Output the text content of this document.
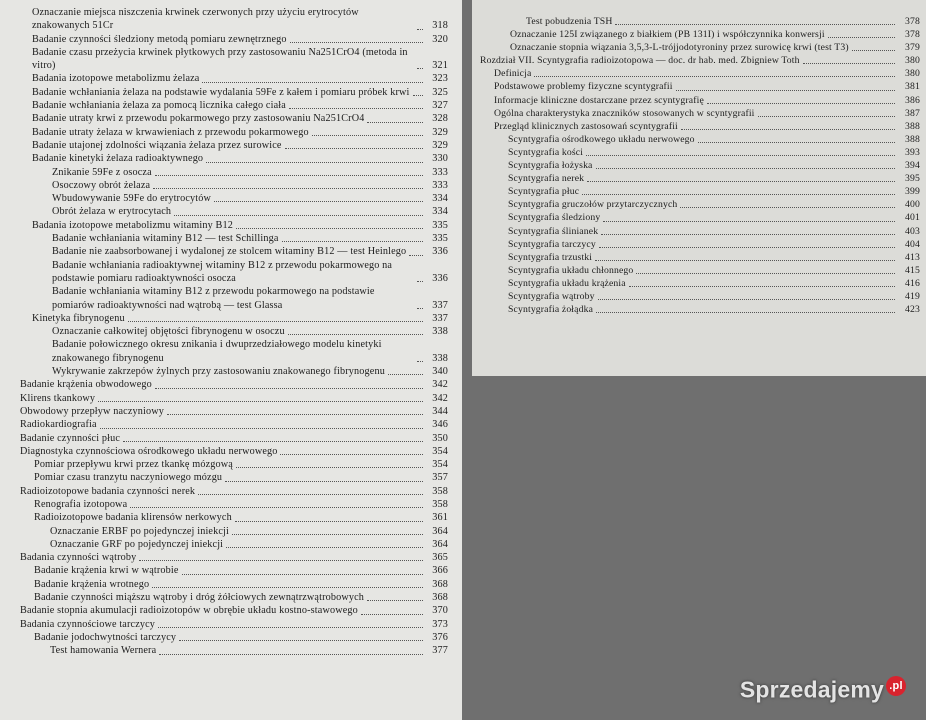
Oznaczanie miejsca niszczenia krwinek czerwonych przy użyciu erytrocytów znakowanych 51Cr	318
Badanie czynności śledziony metodą pomiaru zewnętrznego	320
Badanie czasu przeżycia krwinek płytkowych przy zastosowaniu Na251CrO4 (metoda in vitro)	321
Badania izotopowe metabolizmu żelaza	323
Badanie wchłaniania żelaza na podstawie wydalania 59Fe z kałem i pomiaru próbek krwi	325
Badanie wchłaniania żelaza za pomocą licznika całego ciała	327
Badanie utraty krwi z przewodu pokarmowego przy zastosowaniu Na251CrO4	328
Badanie utraty żelaza w krwawieniach z przewodu pokarmowego	329
Badanie utajonej zdolności wiązania żelaza przez surowice	329
Badanie kinetyki żelaza radioaktywnego	330
Znikanie 59Fe z osocza	333
Osoczowy obrót żelaza	333
Wbudowywanie 59Fe do erytrocytów	334
Obrót żelaza w erytrocytach	334
Badania izotopowe metabolizmu witaminy B12	335
Badanie wchłaniania witaminy B12 — test Schillinga	335
Badanie nie zaabsorbowanej i wydalonej ze stolcem witaminy B12 — test Heinlego	336
Badanie wchłaniania radioaktywnej witaminy B12 z przewodu pokarmowego na podstawie pomiaru radioaktywności osocza	336
Badanie wchłaniania witaminy B12 z przewodu pokarmowego na podstawie pomiarów radioaktywności nad wątrobą — test Glassa	337
Kinetyka fibrynogenu	337
Oznaczanie całkowitej objętości fibrynogenu w osoczu	338
Badanie połowicznego okresu znikania i dwuprzedziałowego modelu kinetyki znakowanego fibrynogenu	338
Wykrywanie zakrzepów żylnych przy zastosowaniu znakowanego fibrynogenu	340
Badanie krążenia obwodowego	342
Klirens tkankowy	342
Obwodowy przepływ naczyniowy	344
Radiokardiografia	346
Badanie czynności płuc	350
Diagnostyka czynnościowa ośrodkowego układu nerwowego	354
Pomiar przepływu krwi przez tkankę mózgową	354
Pomiar czasu tranzytu naczyniowego mózgu	357
Radioizotopowe badania czynności nerek	358
Renografia izotopowa	358
Radioizotopowe badania klirensów nerkowych	361
Oznaczanie ERBF po pojedynczej iniekcji	364
Oznaczanie GRF po pojedynczej iniekcji	364
Badania czynności wątroby	365
Badanie krążenia krwi w wątrobie	366
Badanie krążenia wrotnego	368
Badanie czynności miąższu wątroby i dróg żółciowych zewnątrzwątrobowych	368
Badanie stopnia akumulacji radioizotopów w obrębie układu kostno-stawowego	370
Badania czynnościowe tarczycy	373
Badanie jodochwytności tarczycy	376
Test hamowania Wernera	377
Test pobudzenia TSH	378
Oznaczanie 125I związanego z białkiem (PB 131I) i współczynnika konwersji	378
Oznaczanie stopnia wiązania 3,5,3-L-trójjodotyroniny przez surowicę krwi (test T3)	379
Rozdział VII. Scyntygrafia radioizotopowa — doc. dr hab. med. Zbigniew Toth	380
Definicja	380
Podstawowe problemy fizyczne scyntygrafii	381
Informacje kliniczne dostarczane przez scyntygrafię	386
Ogólna charakterystyka znaczników stosowanych w scyntygrafii	387
Przegląd klinicznych zastosowań scyntygrafii	388
Scyntygrafia ośrodkowego układu nerwowego	388
Scyntygrafia kości	393
Scyntygrafia łożyska	394
Scyntygrafia nerek	395
Scyntygrafia płuc	399
Scyntygrafia gruczołów przytarczycznych	400
Scyntygrafia śledziony	401
Scyntygrafia ślinianek	403
Scyntygrafia tarczycy	404
Scyntygrafia trzustki	413
Scyntygrafia układu chłonnego	415
Scyntygrafia układu krążenia	416
Scyntygrafia wątroby	419
Scyntygrafia żołądka	423
Sprzedajemy .pl
